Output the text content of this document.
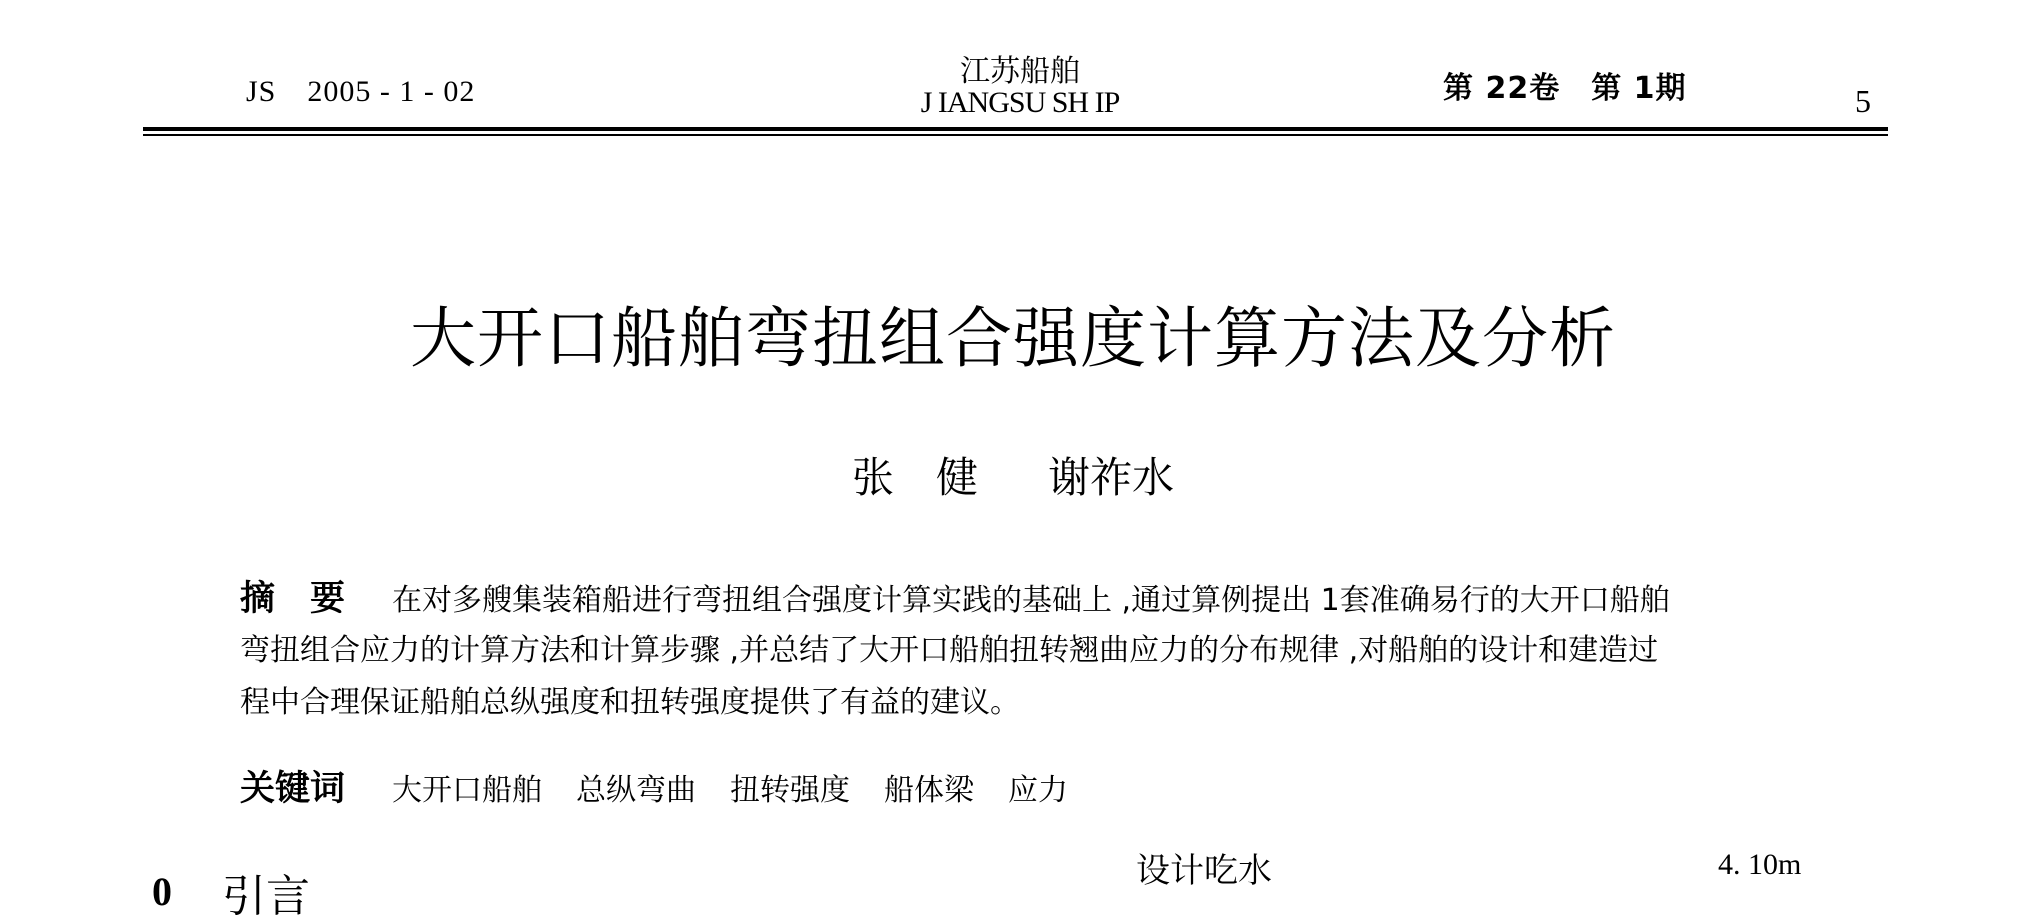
JS　2005 - 1 - 02
江苏船舶
J IANGSU SH IP	第 22卷　第 1期	5
大开口船舶弯扭组合强度计算方法及分析
张　健 谢祚水
摘　要 在对多艘集装箱船进行弯扭组合强度计算实践的基础上 ,通过算例提出 1套准确易行的大开口船舶
弯扭组合应力的计算方法和计算步骤 ,并总结了大开口船舶扭转翘曲应力的分布规律 ,对船舶的设计和建造过
程中合理保证船舶总纵强度和扭转强度提供了有益的建议。
关键词 大开口船舶 总纵弯曲 扭转强度 船体梁 应力
0 引言	设计吃水	4. 10m
